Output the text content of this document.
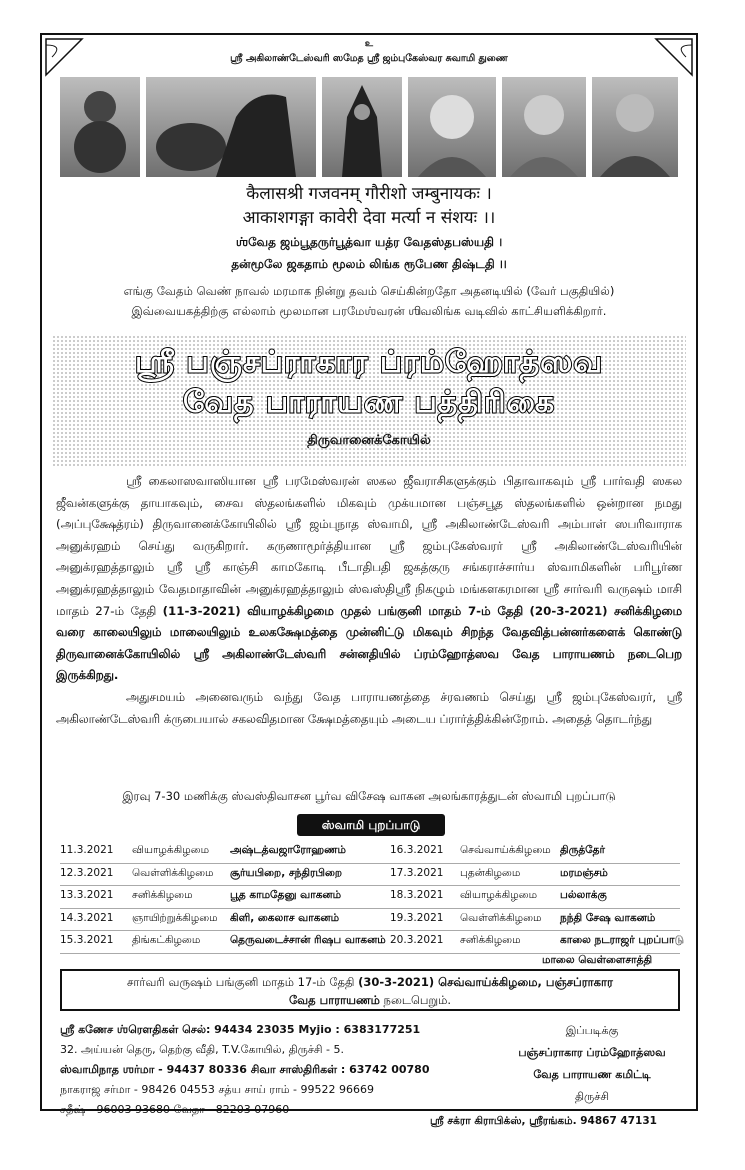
உ
ஸ்ரீ அகிலாண்டேஸ்வரி ஸமேத ஸ்ரீ ஜம்புகேஸ்வர சுவாமி துணை
कैलासश्री गजवनम् गौरीशो जम्बुनायकः ।
आकाशगङ्गा कावेरी देवा मर्त्या न संशयः ।।
ஶ்வேத ஜம்பூதருர்பூத்வா யத்ர வேதஸ்தபஸ்யதி ।
தன்மூலே ஜகதாம் மூலம் லிங்க ரூபேண திஷ்டதி ।।
எங்கு வேதம் வெண் நாவல் மரமாக நின்று தவம் செய்கின்றதோ அதனடியில் (வேர் பகுதியில்)
இவ்வையகத்திற்கு எல்லாம் மூலமான பரமேஶ்வரன் ஶிவலிங்க வடிவில் காட்சியளிக்கிறார்.
ஸ்ரீ பஞ்சப்ராகார ப்ரம்ஹோத்ஸவ
வேத பாராயண பத்திரிகை
திருவானைக்கோயில்

ஸ்ரீ கைலாஸவாஸியான ஸ்ரீ பரமேஸ்வரன் ஸகல ஜீவராசிகளுக்கும் பிதாவாகவும் ஸ்ரீ பார்வதி ஸகல ஜீவன்களுக்கு தாயாகவும், சைவ ஸ்தலங்களில் மிகவும் முக்யமான பஞ்சபூத ஸ்தலங்களில் ஒன்றான நமது (அப்புக்ஷேத்ரம்) திருவானைக்கோயிலில் ஸ்ரீ ஜம்புநாத ஸ்வாமி, ஸ்ரீ அகிலாண்டேஸ்வரி அம்பாள் ஸபரிவாராக அனுக்ரஹம் செய்து வருகிறார். கருணாமூர்த்தியான ஸ்ரீ ஜம்புகேஸ்வரர் ஸ்ரீ அகிலாண்டேஸ்வரியின் அனுக்ரஹத்தாலும் ஸ்ரீ ஸ்ரீ காஞ்சி காமகோடி பீடாதிபதி ஜகத்குரு சங்கராச்சார்ய ஸ்வாமிகளின் பரிபூர்ண அனுக்ரஹத்தாலும் வேதமாதாவின் அனுக்ரஹத்தாலும் ஸ்வஸ்திஸ்ரீ நிகழும் மங்களகரமான ஸ்ரீ சார்வரி வருஷம் மாசி மாதம் 27-ம் தேதி (11-3-2021) வியாழக்கிழமை முதல் பங்குனி மாதம் 7-ம் தேதி (20-3-2021) சனிக்கிழமை வரை காலையிலும் மாலையிலும் உலகக்ஷேமத்தை முன்னிட்டு மிகவும் சிறந்த வேதவித்பன்னர்களைக் கொண்டு திருவானைக்கோயிலில் ஸ்ரீ அகிலாண்டேஸ்வரி சன்னதியில் ப்ரம்ஹோத்ஸவ வேத பாராயணம் நடைபெற இருக்கிறது.

அதுசமயம் அனைவரும் வந்து வேத பாராயணத்தை ச்ரவணம் செய்து ஸ்ரீ ஜம்புகேஸ்வரர், ஸ்ரீ அகிலாண்டேஸ்வரி க்ருபையால் சகலவிதமான க்ஷேமத்தையும் அடைய ப்ரார்த்திக்கின்றோம். அதைத் தொடர்ந்து

இரவு 7-30 மணிக்கு ஸ்வஸ்திவாசன பூர்வ விசேஷ வாகன அலங்காரத்துடன் ஸ்வாமி புறப்பாடு
ஸ்வாமி புறப்பாடு
11.3.2021 வியாழக்கிழமை அஷ்டத்வஜாரோஹணம்	16.3.2021 செவ்வாய்க்கிழமை திருத்தேர்
12.3.2021 வெள்ளிக்கிழமை சூர்யபிறை, சந்திரபிறை	17.3.2021 புதன்கிழமை	மரமஞ்சம்
13.3.2021 சனிக்கிழமை	பூத காமதேனு வாகனம்	18.3.2021 வியாழக்கிழமை பல்லாக்கு
14.3.2021 ஞாயிற்றுக்கிழமை கிளி, கைலாச வாகனம்	19.3.2021 வெள்ளிக்கிழமை நந்தி சேஷ வாகனம்
15.3.2021 திங்கட்கிழமை	தெருவடைச்சான் ரிஷப வாகனம் 20.3.2021 சனிக்கிழமை	காலை நடராஜர் புறப்பாடு
மாலை வெள்ளைசாத்தி
சார்வரி வருஷம் பங்குனி மாதம் 17-ம் தேதி (30-3-2021) செவ்வாய்க்கிழமை, பஞ்சப்ராகார
வேத பாராயணம் நடைபெறும்.
ஸ்ரீ கணேச ஶ்ரௌதிகள் செல்: 94434 23035 Myjio : 6383177251
32. அய்யன் தெரு, தெற்கு வீதி, T.V.கோயில், திருச்சி - 5.
ஸ்வாமிநாத ஶர்மா - 94437 80336 சிவா சாஸ்திரிகள் : 63742 00780
நாகராஜ சர்மா - 98426 04553 சத்ய சாய் ராம் - 99522 96669
சதீஷ் - 96003 93680 வேதா - 82203 07960
இப்படிக்கு
பஞ்சப்ராகார ப்ரம்ஹோத்ஸவ
வேத பாராயண கமிட்டி
திருச்சி
ஸ்ரீ சக்ரா கிராபிக்ஸ், ஸ்ரீரங்கம். 94867 47131
